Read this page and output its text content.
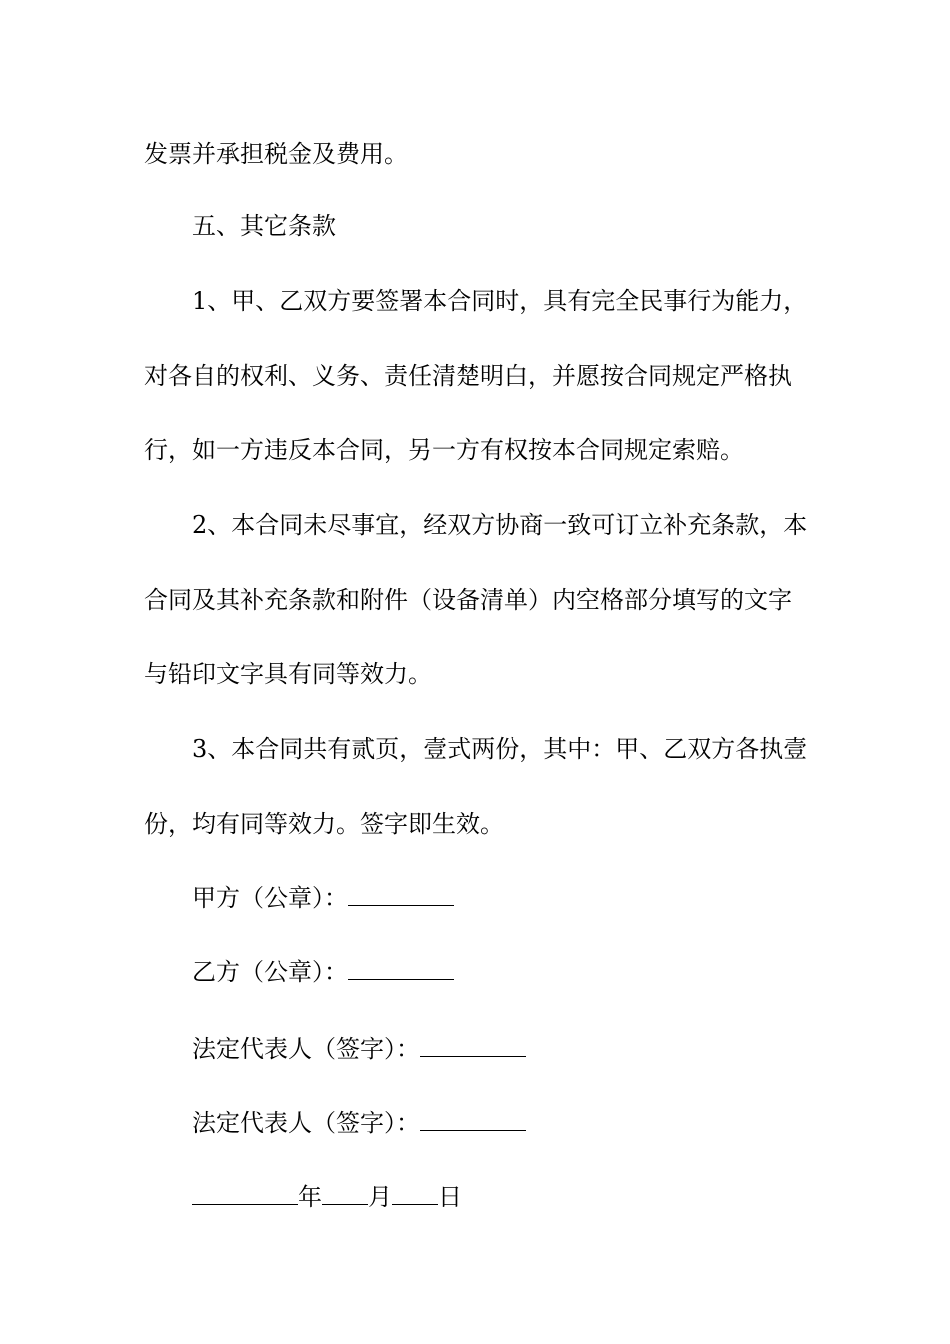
发票并承担税金及费用。
五、其它条款
1、甲、乙双方要签署本合同时，具有完全民事行为能力，
对各自的权利、义务、责任清楚明白，并愿按合同规定严格执
行，如一方违反本合同，另一方有权按本合同规定索赔。
2、本合同未尽事宜，经双方协商一致可订立补充条款，本
合同及其补充条款和附件（设备清单）内空格部分填写的文字
与铅印文字具有同等效力。
3、本合同共有贰页，壹式两份，其中：甲、乙双方各执壹
份，均有同等效力。签字即生效。
甲方（公章）：
乙方（公章）：
法定代表人（签字）：
法定代表人（签字）：
年 月 日
